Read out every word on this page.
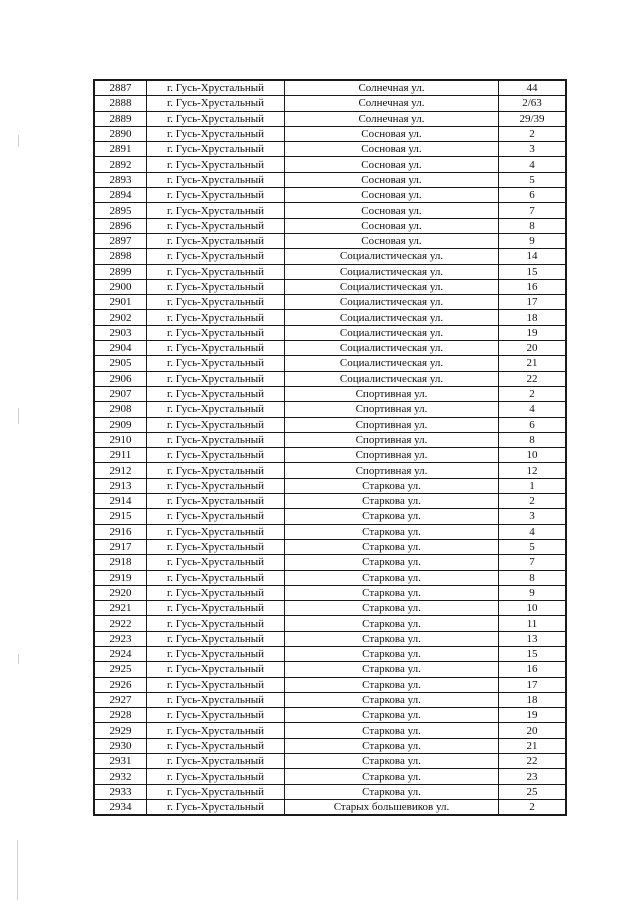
2887	г. Гусь-Хрустальный	Солнечная ул.	44
2888	г. Гусь-Хрустальный	Солнечная ул.	2/63
2889	г. Гусь-Хрустальный	Солнечная ул.	29/39
2890	г. Гусь-Хрустальный	Сосновая ул.	2
2891	г. Гусь-Хрустальный	Сосновая ул.	3
2892	г. Гусь-Хрустальный	Сосновая ул.	4
2893	г. Гусь-Хрустальный	Сосновая ул.	5
2894	г. Гусь-Хрустальный	Сосновая ул.	6
2895	г. Гусь-Хрустальный	Сосновая ул.	7
2896	г. Гусь-Хрустальный	Сосновая ул.	8
2897	г. Гусь-Хрустальный	Сосновая ул.	9
2898	г. Гусь-Хрустальный	Социалистическая ул.	14
2899	г. Гусь-Хрустальный	Социалистическая ул.	15
2900	г. Гусь-Хрустальный	Социалистическая ул.	16
2901	г. Гусь-Хрустальный	Социалистическая ул.	17
2902	г. Гусь-Хрустальный	Социалистическая ул.	18
2903	г. Гусь-Хрустальный	Социалистическая ул.	19
2904	г. Гусь-Хрустальный	Социалистическая ул.	20
2905	г. Гусь-Хрустальный	Социалистическая ул.	21
2906	г. Гусь-Хрустальный	Социалистическая ул.	22
2907	г. Гусь-Хрустальный	Спортивная ул.	2
2908	г. Гусь-Хрустальный	Спортивная ул.	4
2909	г. Гусь-Хрустальный	Спортивная ул.	6
2910	г. Гусь-Хрустальный	Спортивная ул.	8
2911	г. Гусь-Хрустальный	Спортивная ул.	10
2912	г. Гусь-Хрустальный	Спортивная ул.	12
2913	г. Гусь-Хрустальный	Старкова ул.	1
2914	г. Гусь-Хрустальный	Старкова ул.	2
2915	г. Гусь-Хрустальный	Старкова ул.	3
2916	г. Гусь-Хрустальный	Старкова ул.	4
2917	г. Гусь-Хрустальный	Старкова ул.	5
2918	г. Гусь-Хрустальный	Старкова ул.	7
2919	г. Гусь-Хрустальный	Старкова ул.	8
2920	г. Гусь-Хрустальный	Старкова ул.	9
2921	г. Гусь-Хрустальный	Старкова ул.	10
2922	г. Гусь-Хрустальный	Старкова ул.	11
2923	г. Гусь-Хрустальный	Старкова ул.	13
2924	г. Гусь-Хрустальный	Старкова ул.	15
2925	г. Гусь-Хрустальный	Старкова ул.	16
2926	г. Гусь-Хрустальный	Старкова ул.	17
2927	г. Гусь-Хрустальный	Старкова ул.	18
2928	г. Гусь-Хрустальный	Старкова ул.	19
2929	г. Гусь-Хрустальный	Старкова ул.	20
2930	г. Гусь-Хрустальный	Старкова ул.	21
2931	г. Гусь-Хрустальный	Старкова ул.	22
2932	г. Гусь-Хрустальный	Старкова ул.	23
2933	г. Гусь-Хрустальный	Старкова ул.	25
2934	г. Гусь-Хрустальный	Старых большевиков ул.	2
